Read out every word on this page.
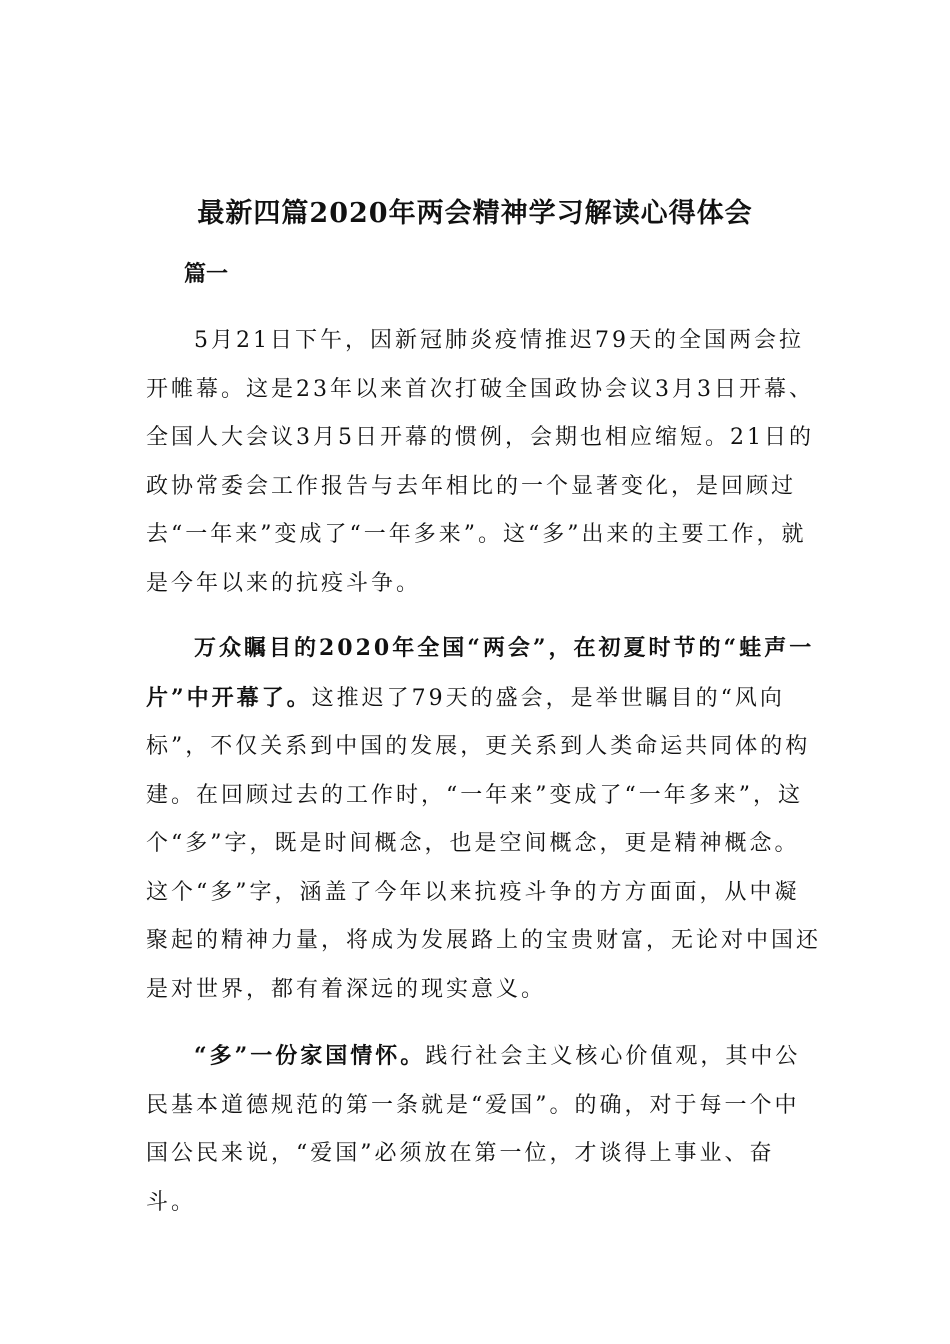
最新四篇2020年两会精神学习解读心得体会
篇一

5月21日下午，因新冠肺炎疫情推迟79天的全国两会拉开帷幕。这是23年以来首次打破全国政协会议3月3日开幕、全国人大会议3月5日开幕的惯例，会期也相应缩短。21日的政协常委会工作报告与去年相比的一个显著变化，是回顾过去“一年来”变成了“一年多来”。这“多”出来的主要工作，就是今年以来的抗疫斗争。

万众瞩目的2020年全国“两会”，在初夏时节的“蛙声一片”中开幕了。这推迟了79天的盛会，是举世瞩目的“风向标”，不仅关系到中国的发展，更关系到人类命运共同体的构建。在回顾过去的工作时，“一年来”变成了“一年多来”，这个“多”字，既是时间概念，也是空间概念，更是精神概念。这个“多”字，涵盖了今年以来抗疫斗争的方方面面，从中凝聚起的精神力量，将成为发展路上的宝贵财富，无论对中国还是对世界，都有着深远的现实意义。

“多”一份家国情怀。践行社会主义核心价值观，其中公民基本道德规范的第一条就是“爱国”。的确，对于每一个中国公民来说，“爱国”必须放在第一位，才谈得上事业、奋斗。
